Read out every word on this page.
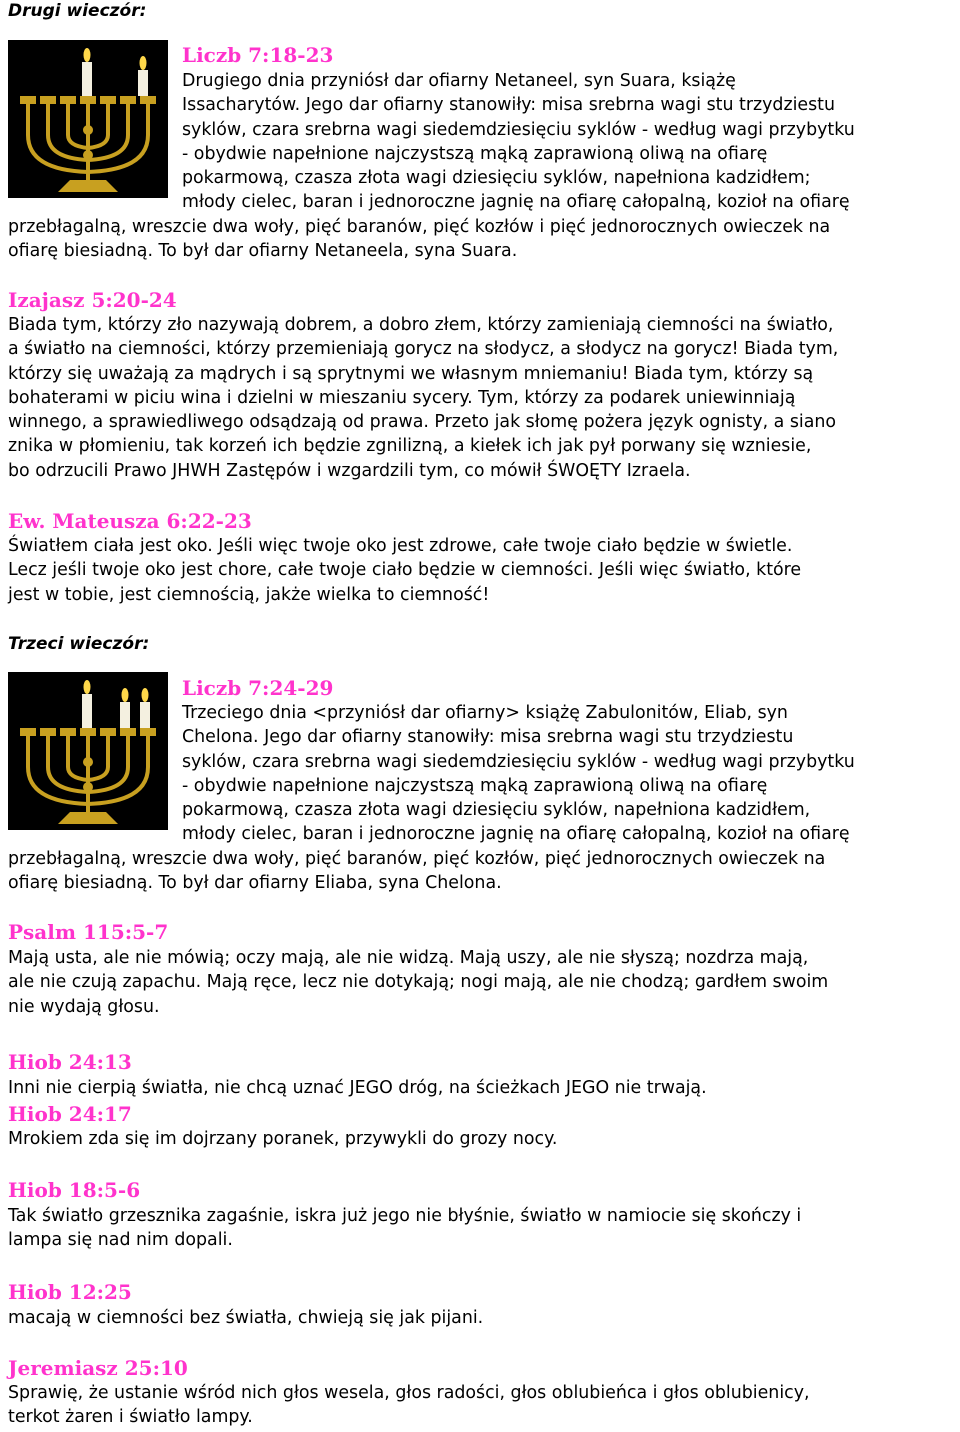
Drugi wieczór:
Liczb 7:18-23
Drugiego dnia przyniósł dar ofiarny Netaneel, syn Suara, książę
Issacharytów. Jego dar ofiarny stanowiły: misa srebrna wagi stu trzydziestu
syklów, czara srebrna wagi siedemdziesięciu syklów - według wagi przybytku
- obydwie napełnione najczystszą mąką zaprawioną oliwą na ofiarę
pokarmową, czasza złota wagi dziesięciu syklów, napełniona kadzidłem;
młody cielec, baran i jednoroczne jagnię na ofiarę całopalną, kozioł na ofiarę
przebłagalną, wreszcie dwa woły, pięć baranów, pięć kozłów i pięć jednorocznych owieczek na
ofiarę biesiadną. To był dar ofiarny Netaneela, syna Suara.
Izajasz 5:20-24
Biada tym, którzy zło nazywają dobrem, a dobro złem, którzy zamieniają ciemności na światło,
a światło na ciemności, którzy przemieniają gorycz na słodycz, a słodycz na gorycz! Biada tym,
którzy się uważają za mądrych i są sprytnymi we własnym mniemaniu! Biada tym, którzy są
bohaterami w piciu wina i dzielni w mieszaniu sycery. Tym, którzy za podarek uniewinniają
winnego, a sprawiedliwego odsądzają od prawa. Przeto jak słomę pożera język ognisty, a siano
znika w płomieniu, tak korzeń ich będzie zgnilizną, a kiełek ich jak pył porwany się wzniesie,
bo odrzucili Prawo JHWH Zastępów i wzgardzili tym, co mówił ŚWOĘTY Izraela.
Ew. Mateusza 6:22-23
Światłem ciała jest oko. Jeśli więc twoje oko jest zdrowe, całe twoje ciało będzie w świetle.
Lecz jeśli twoje oko jest chore, całe twoje ciało będzie w ciemności. Jeśli więc światło, które
jest w tobie, jest ciemnością, jakże wielka to ciemność!
Trzeci wieczór:
Liczb 7:24-29
Trzeciego dnia <przyniósł dar ofiarny> książę Zabulonitów, Eliab, syn
Chelona. Jego dar ofiarny stanowiły: misa srebrna wagi stu trzydziestu
syklów, czara srebrna wagi siedemdziesięciu syklów - według wagi przybytku
- obydwie napełnione najczystszą mąką zaprawioną oliwą na ofiarę
pokarmową, czasza złota wagi dziesięciu syklów, napełniona kadzidłem,
młody cielec, baran i jednoroczne jagnię na ofiarę całopalną, kozioł na ofiarę
przebłagalną, wreszcie dwa woły, pięć baranów, pięć kozłów, pięć jednorocznych owieczek na
ofiarę biesiadną. To był dar ofiarny Eliaba, syna Chelona.
Psalm 115:5-7
Mają usta, ale nie mówią; oczy mają, ale nie widzą. Mają uszy, ale nie słyszą; nozdrza mają,
ale nie czują zapachu. Mają ręce, lecz nie dotykają; nogi mają, ale nie chodzą; gardłem swoim
nie wydają głosu.
Hiob 24:13
Inni nie cierpią światła, nie chcą uznać JEGO dróg, na ścieżkach JEGO nie trwają.
Hiob 24:17
Mrokiem zda się im dojrzany poranek, przywykli do grozy nocy.
Hiob 18:5-6
Tak światło grzesznika zagaśnie, iskra już jego nie błyśnie, światło w namiocie się skończy i
lampa się nad nim dopali.
Hiob 12:25
macają w ciemności bez światła, chwieją się jak pijani.
Jeremiasz 25:10
Sprawię, że ustanie wśród nich głos wesela, głos radości, głos oblubieńca i głos oblubienicy,
terkot żaren i światło lampy.
